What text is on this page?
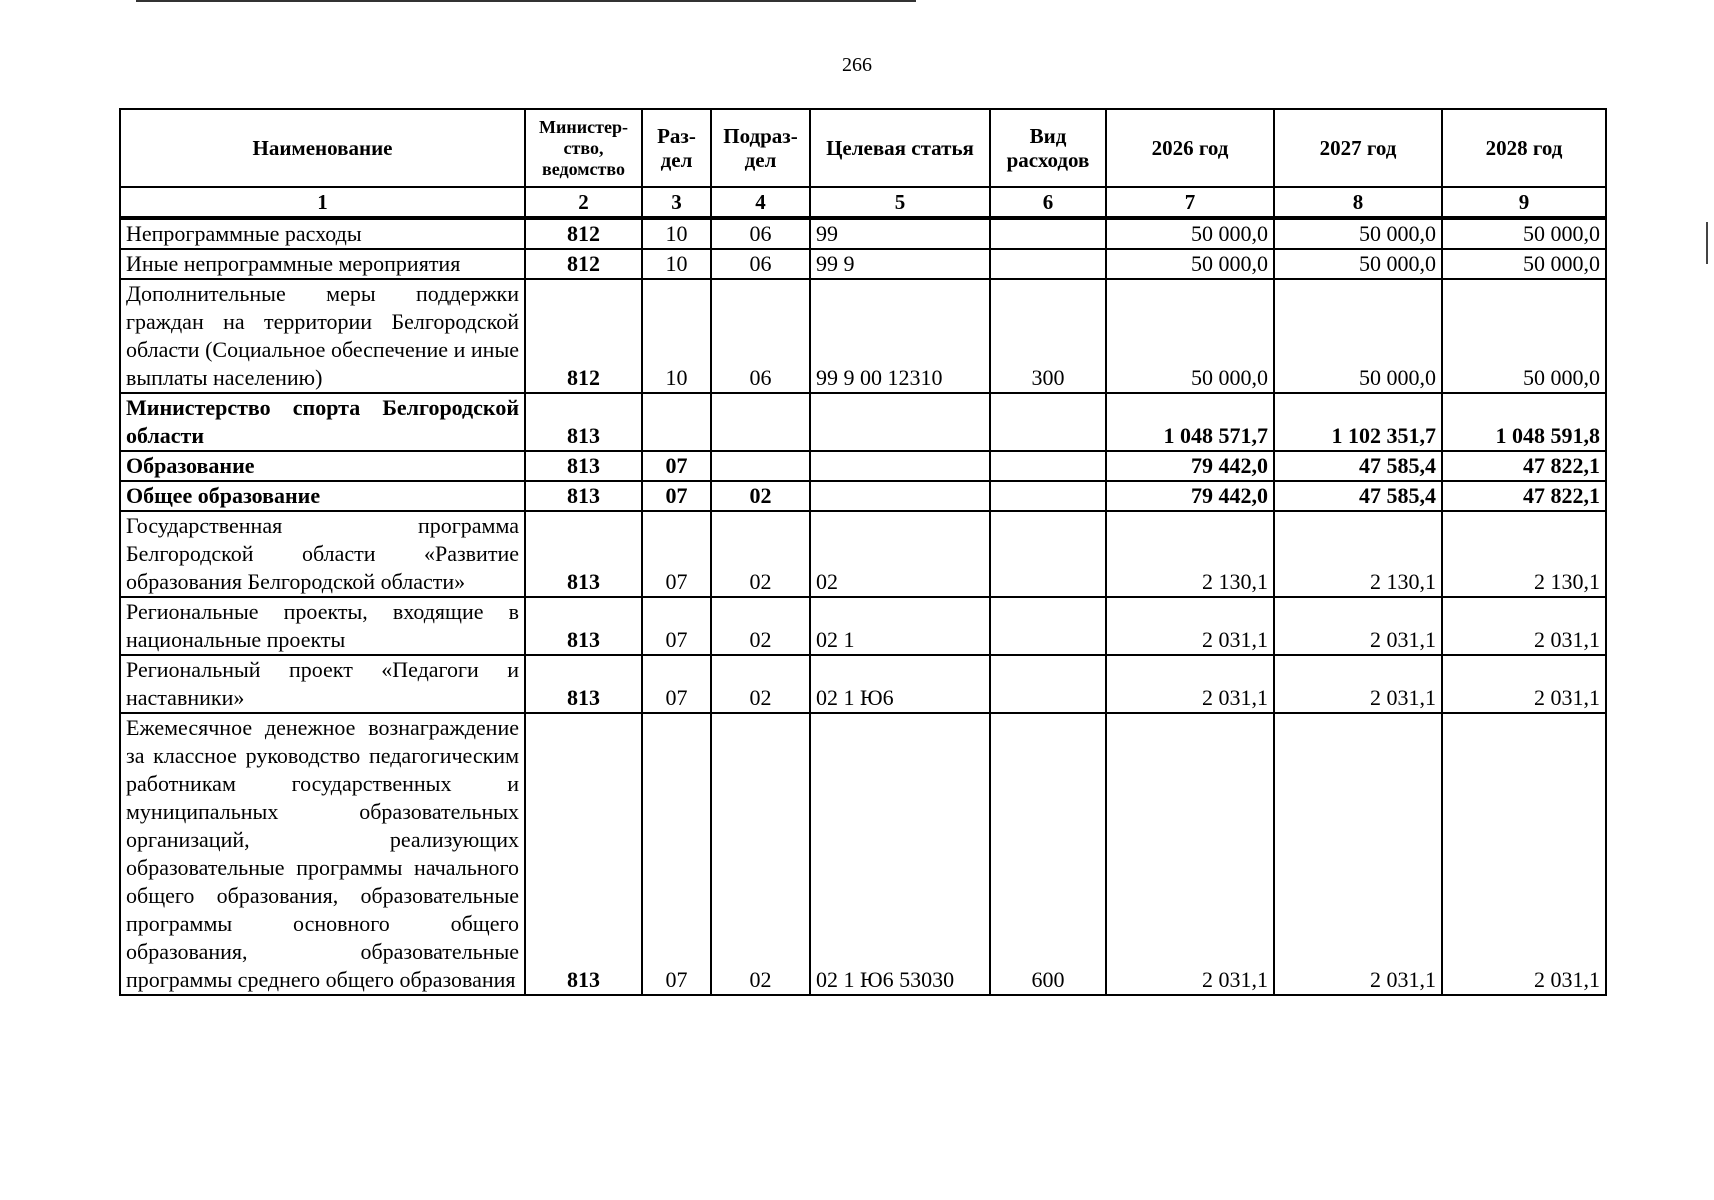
266
Наименование	Министер-ство, ведомство	Раз-дел	Подраз-дел	Целевая статья	Вид расходов	2026 год	2027 год	2028 год
1	2	3	4	5	6	7	8	9
Непрограммные расходы	812	10	06	99		50 000,0	50 000,0	50 000,0
Иные непрограммные мероприятия	812	10	06	99 9		50 000,0	50 000,0	50 000,0
Дополнительные меры поддержки граждан на территории Белгородской области (Социальное обеспечение и иные выплаты населению)	812	10	06	99 9 00 12310	300	50 000,0	50 000,0	50 000,0
Министерство спорта Белгородской области	813					1 048 571,7	1 102 351,7	1 048 591,8
Образование	813	07				79 442,0	47 585,4	47 822,1
Общее образование	813	07	02			79 442,0	47 585,4	47 822,1
Государственная программа Белгородской области «Развитие образования Белгородской области»	813	07	02	02		2 130,1	2 130,1	2 130,1
Региональные проекты, входящие в национальные проекты	813	07	02	02 1		2 031,1	2 031,1	2 031,1
Региональный проект «Педагоги и наставники»	813	07	02	02 1 Ю6		2 031,1	2 031,1	2 031,1
Ежемесячное денежное вознаграждение за классное руководство педагогическим работникам государственных и муниципальных образовательных организаций, реализующих образовательные программы начального общего образования, образовательные программы основного общего образования, образовательные программы среднего общего образования	813	07	02	02 1 Ю6 53030	600	2 031,1	2 031,1	2 031,1
